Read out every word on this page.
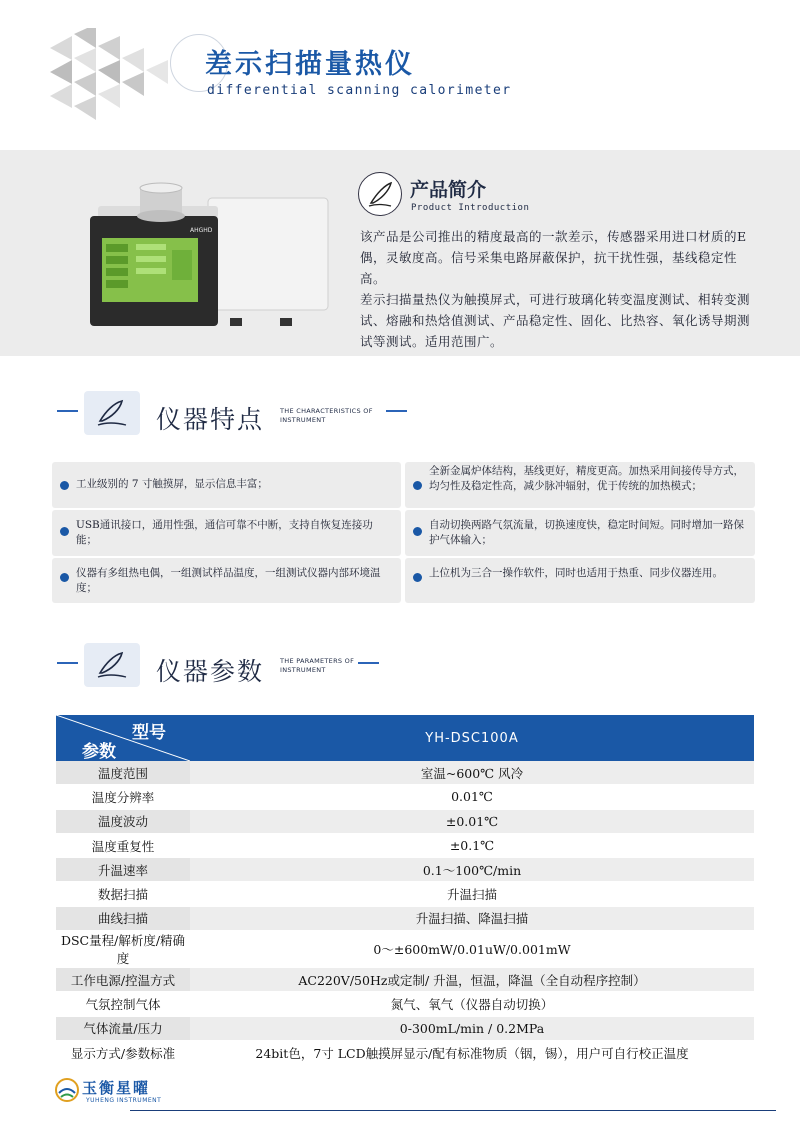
差示扫描量热仪
differential scanning calorimeter
AHGHD
产品简介
Product Introduction

该产品是公司推出的精度最高的一款差示，传感器采用进口材质的E偶，灵敏度高。信号采集电路屏蔽保护，抗干扰性强，基线稳定性高。

差示扫描量热仪为触摸屏式，可进行玻璃化转变温度测试、相转变测试、熔融和热焓值测试、产品稳定性、固化、比热容、氧化诱导期测试等测试。适用范围广。

仪器特点 THE CHARACTERISTICS OF INSTRUMENT
工业级别的 7 寸触摸屏，显示信息丰富；
全新金属炉体结构，基线更好，精度更高。加热采用间接传导方式，均匀性及稳定性高，减少脉冲辐射，优于传统的加热模式；
USB通讯接口，通用性强，通信可靠不中断，支持自恢复连接功能；
自动切换两路气氛流量，切换速度快，稳定时间短。同时增加一路保护气体输入；
仪器有多组热电偶，一组测试样品温度，一组测试仪器内部环境温度；
上位机为三合一操作软件，同时也适用于热重、同步仪器连用。
仪器参数 THE PARAMETERS OF INSTRUMENT
型号
参数	YH-DSC100A
温度范围	室温~600℃ 风冷
温度分辨率	0.01℃
温度波动	±0.01℃
温度重复性	±0.1℃
升温速率	0.1～100℃/min
数据扫描	升温扫描
曲线扫描	升温扫描、降温扫描
DSC量程/解析度/精确度	0～±600mW/0.01uW/0.001mW
工作电源/控温方式	AC220V/50Hz或定制/ 升温，恒温，降温（全自动程序控制）
气氛控制气体	氮气、氧气（仪器自动切换）
气体流量/压力	0-300mL/min / 0.2MPa
显示方式/参数标准	24bit色，7寸 LCD触摸屏显示/配有标准物质（铟，锡），用户可自行校正温度
玉衡星曜
YUHENG INSTRUMENT
